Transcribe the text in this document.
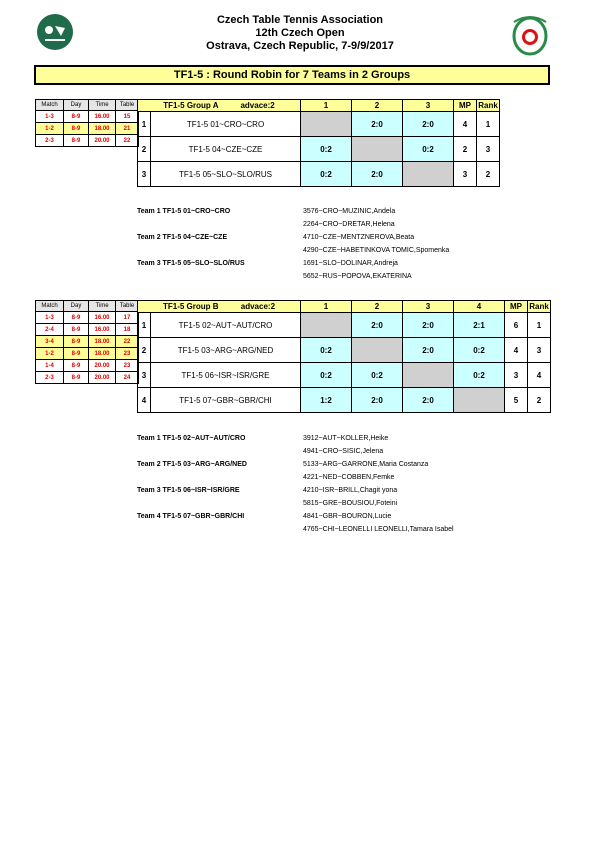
Czech Table Tennis Association
12th Czech Open
Ostrava, Czech Republic, 7-9/9/2017
TF1-5 : Round Robin for 7 Teams in 2 Groups
Match	Day	Time	Table
1-3	8-9	16.00	15
1-2	8-9	18.00	21
2-3	8-9	20.00	22
TF1-5 Group A advace:2		1	2	3	MP	Rank
1	TF1-5 01~CRO~CRO		2:0	2:0	4	1
2	TF1-5 04~CZE~CZE	0:2		0:2	2	3
3	TF1-5 05~SLO~SLO/RUS	0:2	2:0		3	2
Team 1 TF1-5 01~CRO~CRO	3576~CRO~MUZINIC,Andela
2264~CRO~DRETAR,Helena
Team 2 TF1-5 04~CZE~CZE	4710~CZE~MENTZNEROVA,Beata
4290~CZE~HABETINKOVA TOMIC,Spomenka
Team 3 TF1-5 05~SLO~SLO/RUS	1691~SLO~DOLINAR,Andreja
5652~RUS~POPOVA,EKATERINA
Match	Day	Time	Table
1-3	8-9	16.00	17
2-4	8-9	16.00	18
3-4	8-9	18.00	22
1-2	8-9	18.00	23
1-4	8-9	20.00	23
2-3	8-9	20.00	24
TF1-5 Group B advace:2		1	2	3	4	MP	Rank
1	TF1-5 02~AUT~AUT/CRO		2:0	2:0	2:1	6	1
2	TF1-5 03~ARG~ARG/NED	0:2		2:0	0:2	4	3
3	TF1-5 06~ISR~ISR/GRE	0:2	0:2		0:2	3	4
4	TF1-5 07~GBR~GBR/CHI	1:2	2:0	2:0		5	2
Team 1 TF1-5 02~AUT~AUT/CRO	3912~AUT~KOLLER,Heike
4941~CRO~SISIC,Jelena
Team 2 TF1-5 03~ARG~ARG/NED	5133~ARG~GARRONE,Maria Costanza
4221~NED~COBBEN,Femke
Team 3 TF1-5 06~ISR~ISR/GRE	4210~ISR~BRILL,Chagit yona
5815~GRE~BOUSIOU,Foteini
Team 4 TF1-5 07~GBR~GBR/CHI	4841~GBR~BOURON,Lucie
4765~CHI~LEONELLI LEONELLI,Tamara Isabel
